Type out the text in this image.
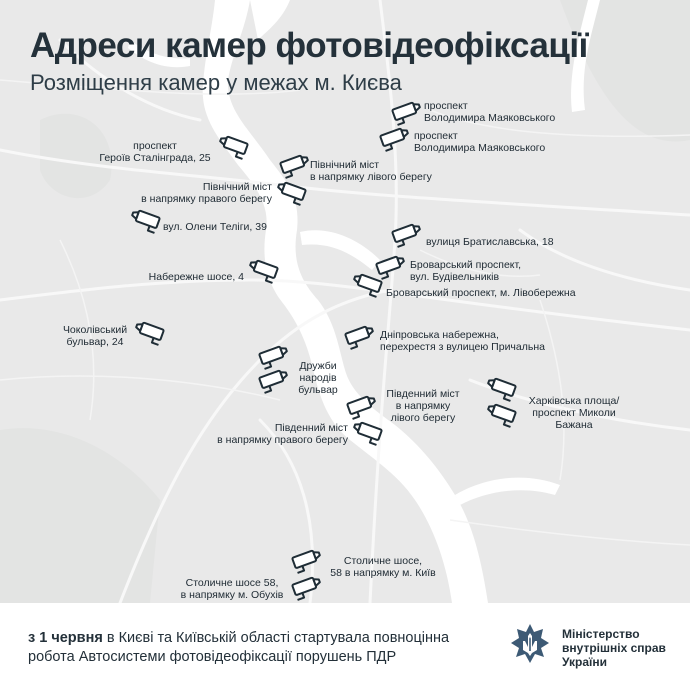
Адреси камер фотовідеофіксації
Розміщення камер у межах м. Києва
проспект
Володимира Маяковського
проспект
Володимира Маяковського
проспект
Героїв Сталінграда, 25
Північний міст
в напрямку лівого берегу
Північний міст
в напрямку правого берегу
вул. Олени Теліги, 39
вулиця Братиславська, 18
Броварський проспект,
вул. Будівельників
Броварський проспект, м. Лівобережна
Набережне шосе, 4
Чоколівський
бульвар, 24
Дніпровська набережна,
перехрестя з вулицею Причальна
Дружби
народів
бульвар	Південний міст
в напрямку
лівого берегу
Харківська площа/
проспект Миколи
Бажана
Південний міст
в напрямку правого берегу
Столичне шосе,
58 в напрямку м. Київ
Столичне шосе 58,
в напрямку м. Обухів
з 1 червня в Києві та Київській області стартувала повноцінна робота Автосистеми фотовідеофіксації порушень ПДР
Міністерство
внутрішніх справ
України
